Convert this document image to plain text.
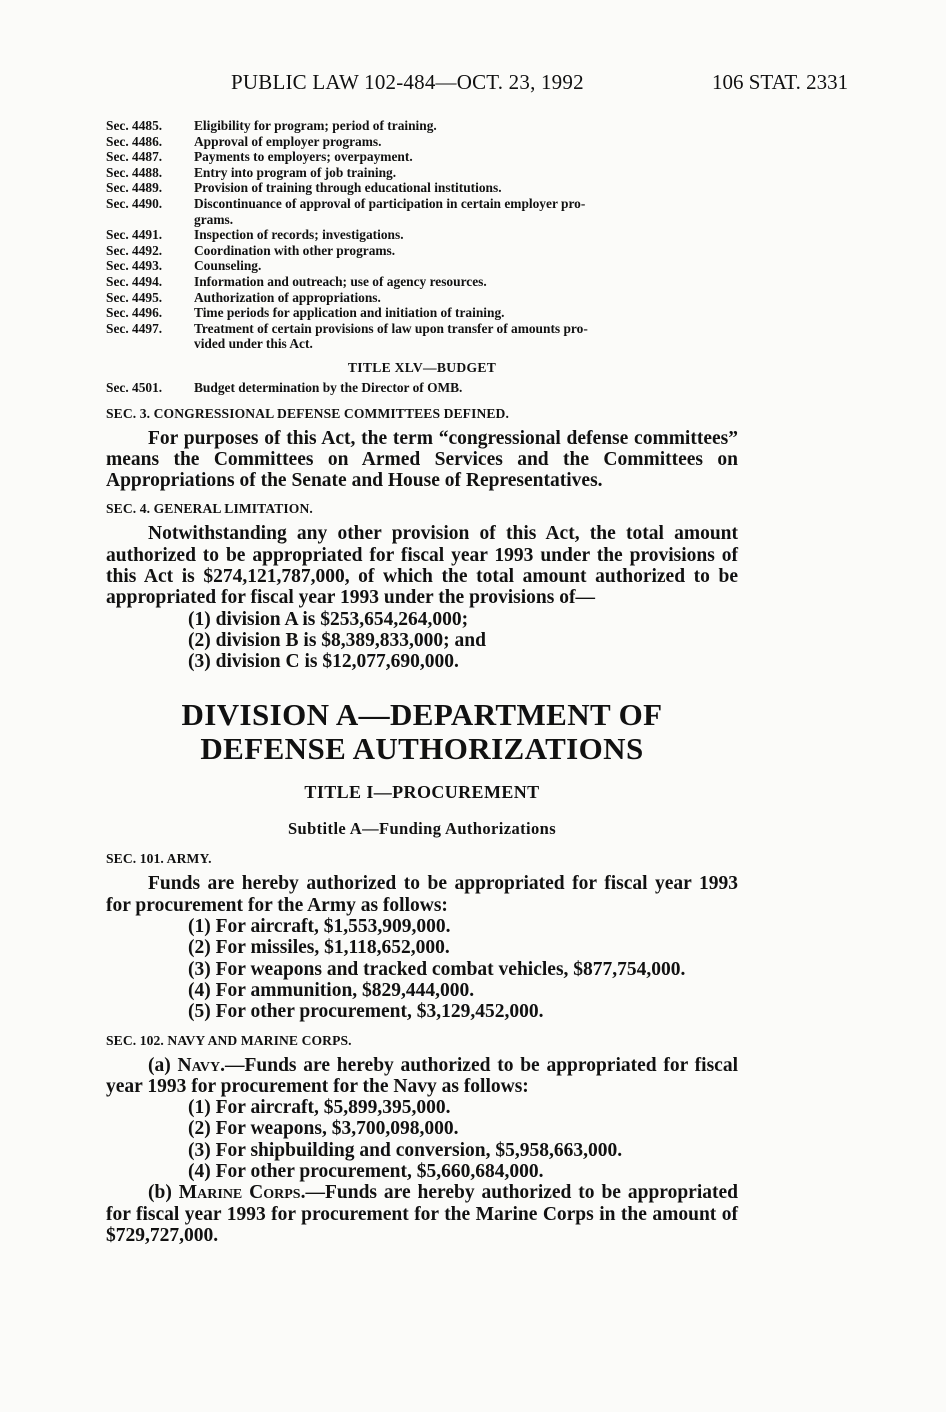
PUBLIC LAW 102-484—OCT. 23, 1992	106 STAT. 2331
Sec. 4485.	Eligibility for program; period of training.
Sec. 4486.	Approval of employer programs.
Sec. 4487.	Payments to employers; overpayment.
Sec. 4488.	Entry into program of job training.
Sec. 4489.	Provision of training through educational institutions.
Sec. 4490.	Discontinuance of approval of participation in certain employer pro-
grams.
Sec. 4491.	Inspection of records; investigations.
Sec. 4492.	Coordination with other programs.
Sec. 4493.	Counseling.
Sec. 4494.	Information and outreach; use of agency resources.
Sec. 4495.	Authorization of appropriations.
Sec. 4496.	Time periods for application and initiation of training.
Sec. 4497.	Treatment of certain provisions of law upon transfer of amounts pro-
vided under this Act.
TITLE XLV—BUDGET
Sec. 4501.	Budget determination by the Director of OMB.
SEC. 3. CONGRESSIONAL DEFENSE COMMITTEES DEFINED.

For purposes of this Act, the term “congressional defense committees” means the Committees on Armed Services and the Committees on Appropriations of the Senate and House of Representatives.

SEC. 4. GENERAL LIMITATION.

Notwithstanding any other provision of this Act, the total amount authorized to be appropriated for fiscal year 1993 under the provisions of this Act is $274,121,787,000, of which the total amount authorized to be appropriated for fiscal year 1993 under the provisions of—

(1) division A is $253,654,264,000;

(2) division B is $8,389,833,000; and

(3) division C is $12,077,690,000.

DIVISION A—DEPARTMENT OF
DEFENSE AUTHORIZATIONS
TITLE I—PROCUREMENT
Subtitle A—Funding Authorizations
SEC. 101. ARMY.

Funds are hereby authorized to be appropriated for fiscal year 1993 for procurement for the Army as follows:

(1) For aircraft, $1,553,909,000.

(2) For missiles, $1,118,652,000.

(3) For weapons and tracked combat vehicles, $877,754,000.

(4) For ammunition, $829,444,000.

(5) For other procurement, $3,129,452,000.

SEC. 102. NAVY AND MARINE CORPS.

(a) Navy.—Funds are hereby authorized to be appropriated for fiscal year 1993 for procurement for the Navy as follows:

(1) For aircraft, $5,899,395,000.

(2) For weapons, $3,700,098,000.

(3) For shipbuilding and conversion, $5,958,663,000.

(4) For other procurement, $5,660,684,000.

(b) Marine Corps.—Funds are hereby authorized to be appropriated for fiscal year 1993 for procurement for the Marine Corps in the amount of $729,727,000.
